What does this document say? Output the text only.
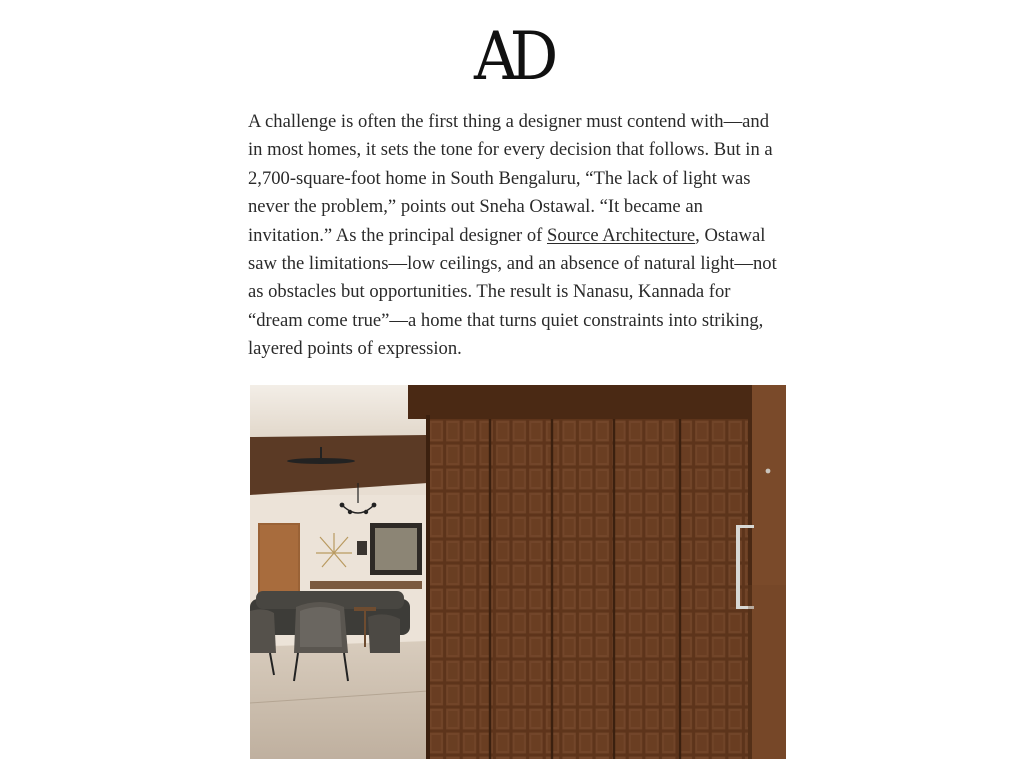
AD

A challenge is often the first thing a designer must contend with—and in most homes, it sets the tone for every decision that follows. But in a 2,700-square-foot home in South Bengaluru, “The lack of light was never the problem,” points out Sneha Ostawal. “It became an invitation.” As the principal designer of Source Architecture, Ostawal saw the limitations—low ceilings, and an absence of natural light—not as obstacles but opportunities. The result is Nanasu, Kannada for “dream come true”—a home that turns quiet constraints into striking, layered points of expression.
